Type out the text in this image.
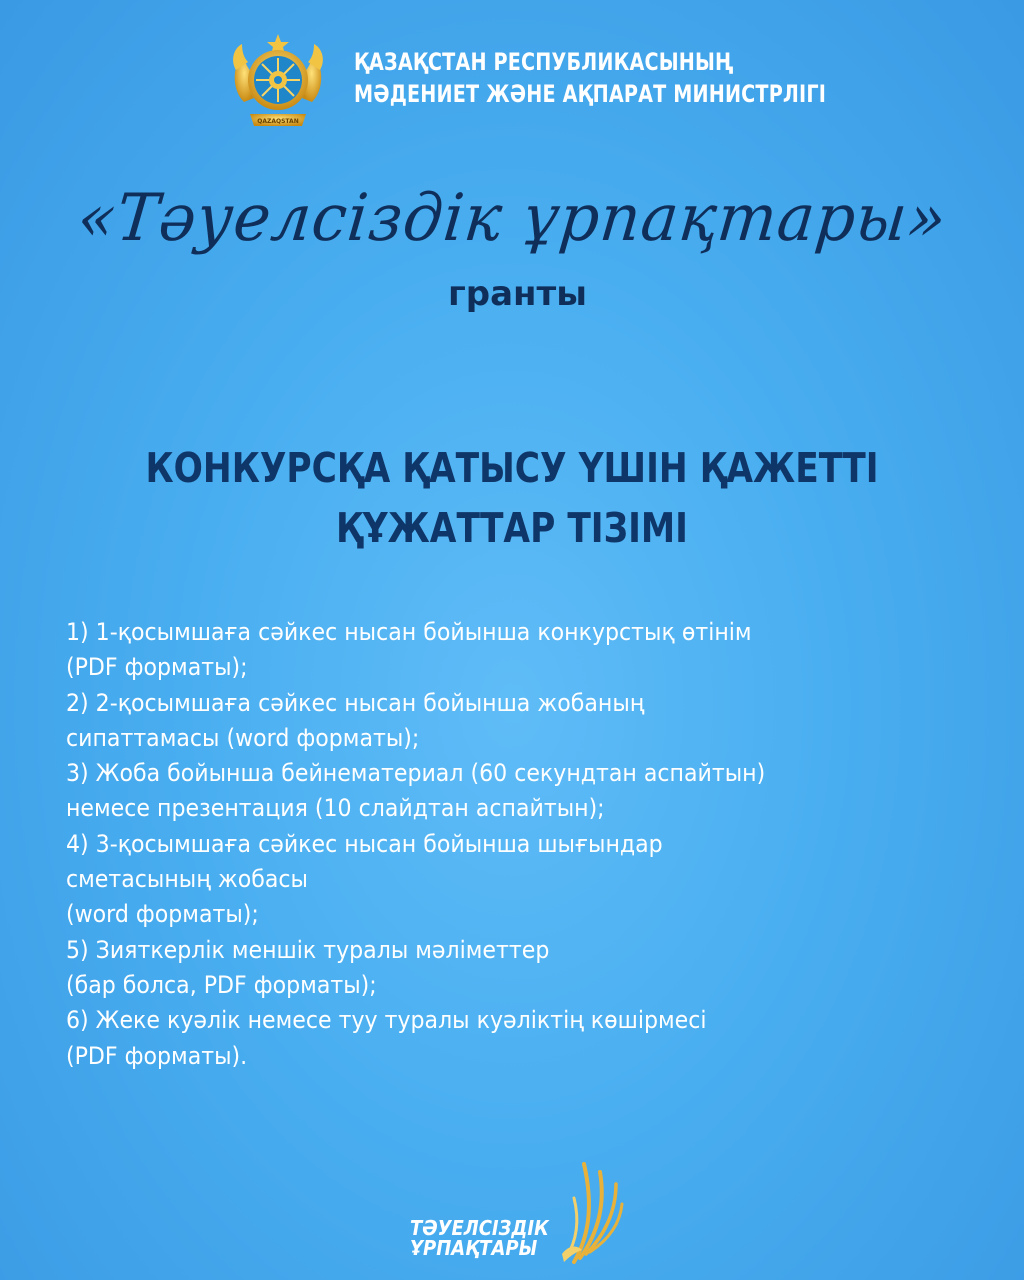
QAZAQSTAN
ҚАЗАҚСТАН РЕСПУБЛИКАСЫНЫҢ
МӘДЕНИЕТ ЖӘНЕ АҚПАРАТ МИНИСТРЛІГІ
«Тәуелсіздік ұрпақтары»
гранты
КОНКУРСҚА ҚАТЫСУ ҮШІН ҚАЖЕТТІ
ҚҰЖАТТАР ТІЗІМІ
1) 1-қосымшаға сәйкес нысан бойынша конкурстық өтінім
(PDF форматы);
2) 2-қосымшаға сәйкес нысан бойынша жобаның
сипаттамасы (word форматы);
3) Жоба бойынша бейнематериал (60 секундтан аспайтын)
немесе презентация (10 слайдтан аспайтын);
4) 3-қосымшаға сәйкес нысан бойынша шығындар
сметасының жобасы
(word форматы);
5) Зияткерлік меншік туралы мәліметтер
(бар болса, PDF форматы);
6) Жеке куәлік немесе туу туралы куәліктің көшірмесі
(PDF форматы).
ТӘУЕЛСІЗДІК
ҰРПАҚТАРЫ
